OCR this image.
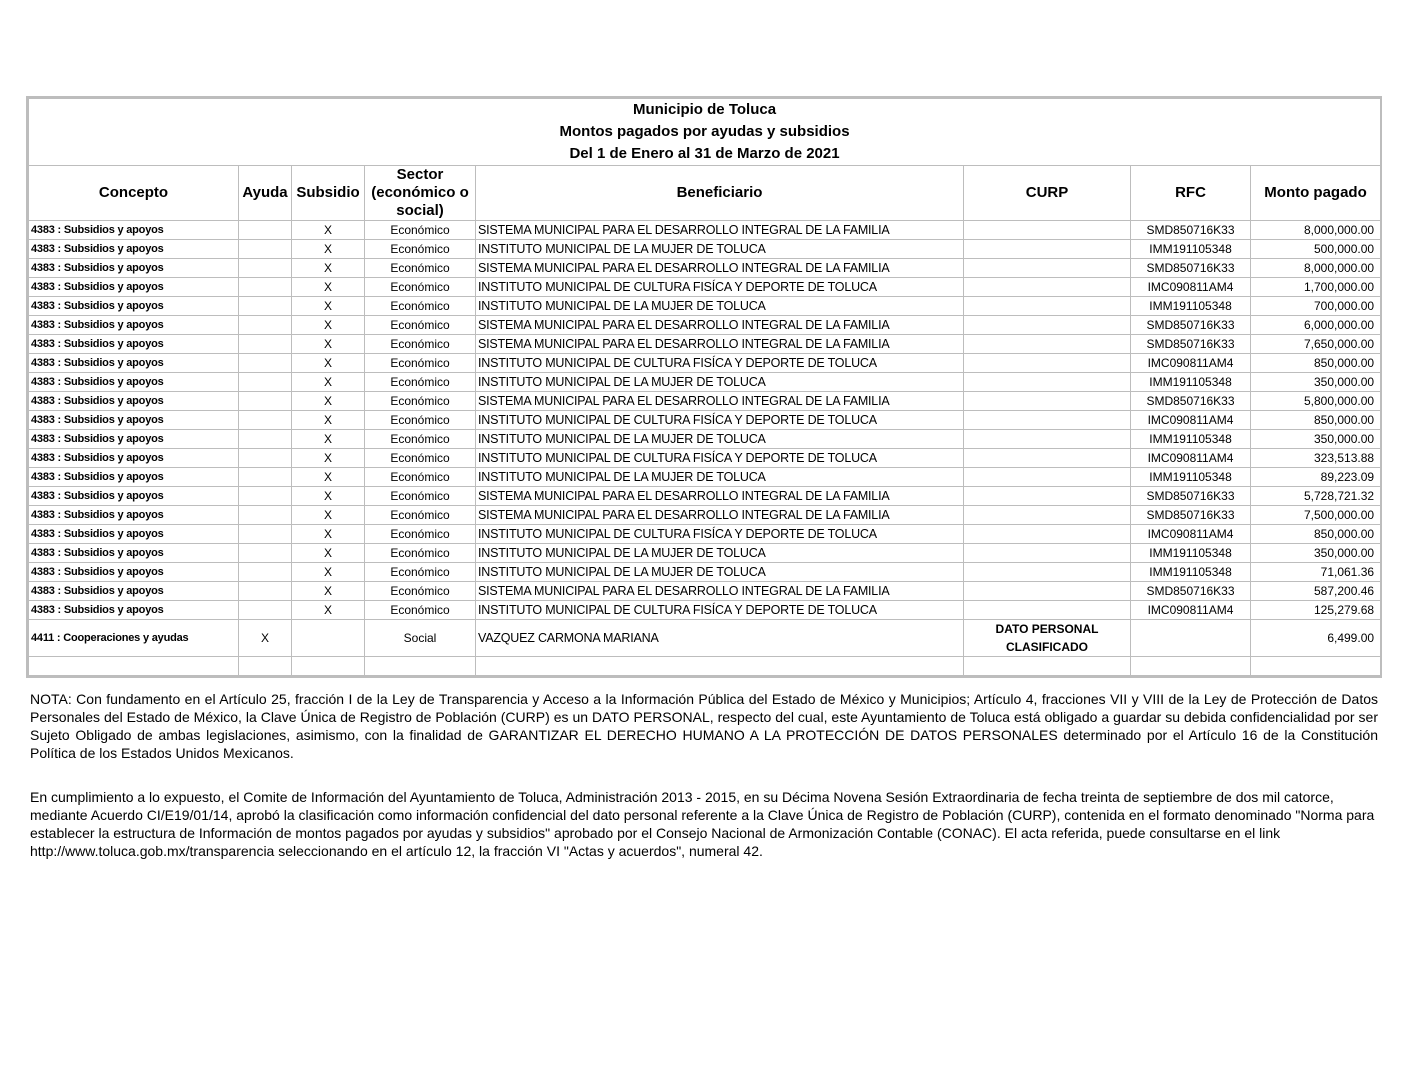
Municipio de Toluca
Montos pagados por ayudas y subsidios
Del 1 de Enero al 31 de Marzo de 2021							

Concepto	Ayuda	Subsidio	Sector (económico o social)	Beneficiario	CURP	RFC	Monto pagado
4383 : Subsidios y apoyos		X	Económico	SISTEMA MUNICIPAL PARA EL DESARROLLO INTEGRAL DE LA FAMILIA		SMD850716K33	8,000,000.00
4383 : Subsidios y apoyos		X	Económico	INSTITUTO MUNICIPAL DE LA MUJER DE TOLUCA		IMM191105348	500,000.00
4383 : Subsidios y apoyos		X	Económico	SISTEMA MUNICIPAL PARA EL DESARROLLO INTEGRAL DE LA FAMILIA		SMD850716K33	8,000,000.00
4383 : Subsidios y apoyos		X	Económico	INSTITUTO MUNICIPAL DE CULTURA FISÍCA Y DEPORTE DE TOLUCA		IMC090811AM4	1,700,000.00
4383 : Subsidios y apoyos		X	Económico	INSTITUTO MUNICIPAL DE LA MUJER DE TOLUCA		IMM191105348	700,000.00
4383 : Subsidios y apoyos		X	Económico	SISTEMA MUNICIPAL PARA EL DESARROLLO INTEGRAL DE LA FAMILIA		SMD850716K33	6,000,000.00
4383 : Subsidios y apoyos		X	Económico	SISTEMA MUNICIPAL PARA EL DESARROLLO INTEGRAL DE LA FAMILIA		SMD850716K33	7,650,000.00
4383 : Subsidios y apoyos		X	Económico	INSTITUTO MUNICIPAL DE CULTURA FISÍCA Y DEPORTE DE TOLUCA		IMC090811AM4	850,000.00
4383 : Subsidios y apoyos		X	Económico	INSTITUTO MUNICIPAL DE LA MUJER DE TOLUCA		IMM191105348	350,000.00
4383 : Subsidios y apoyos		X	Económico	SISTEMA MUNICIPAL PARA EL DESARROLLO INTEGRAL DE LA FAMILIA		SMD850716K33	5,800,000.00
4383 : Subsidios y apoyos		X	Económico	INSTITUTO MUNICIPAL DE CULTURA FISÍCA Y DEPORTE DE TOLUCA		IMC090811AM4	850,000.00
4383 : Subsidios y apoyos		X	Económico	INSTITUTO MUNICIPAL DE LA MUJER DE TOLUCA		IMM191105348	350,000.00
4383 : Subsidios y apoyos		X	Económico	INSTITUTO MUNICIPAL DE CULTURA FISÍCA Y DEPORTE DE TOLUCA		IMC090811AM4	323,513.88
4383 : Subsidios y apoyos		X	Económico	INSTITUTO MUNICIPAL DE LA MUJER DE TOLUCA		IMM191105348	89,223.09
4383 : Subsidios y apoyos		X	Económico	SISTEMA MUNICIPAL PARA EL DESARROLLO INTEGRAL DE LA FAMILIA		SMD850716K33	5,728,721.32
4383 : Subsidios y apoyos		X	Económico	SISTEMA MUNICIPAL PARA EL DESARROLLO INTEGRAL DE LA FAMILIA		SMD850716K33	7,500,000.00
4383 : Subsidios y apoyos		X	Económico	INSTITUTO MUNICIPAL DE CULTURA FISÍCA Y DEPORTE DE TOLUCA		IMC090811AM4	850,000.00
4383 : Subsidios y apoyos		X	Económico	INSTITUTO MUNICIPAL DE LA MUJER DE TOLUCA		IMM191105348	350,000.00
4383 : Subsidios y apoyos		X	Económico	INSTITUTO MUNICIPAL DE LA MUJER DE TOLUCA		IMM191105348	71,061.36
4383 : Subsidios y apoyos		X	Económico	SISTEMA MUNICIPAL PARA EL DESARROLLO INTEGRAL DE LA FAMILIA		SMD850716K33	587,200.46
4383 : Subsidios y apoyos		X	Económico	INSTITUTO MUNICIPAL DE CULTURA FISÍCA Y DEPORTE DE TOLUCA		IMC090811AM4	125,279.68
4411 : Cooperaciones y ayudas	X		Social	VAZQUEZ CARMONA MARIANA	DATO PERSONAL CLASIFICADO		6,499.00

NOTA: Con fundamento en el Artículo 25, fracción I de la Ley de Transparencia y Acceso a la Información Pública del Estado de México y Municipios; Artículo 4, fracciones VII y VIII de la Ley de Protección de Datos Personales del Estado de México, la Clave Única de Registro de Población (CURP) es un DATO PERSONAL, respecto del cual, este Ayuntamiento de Toluca está obligado a guardar su debida confidencialidad por ser Sujeto Obligado de ambas legislaciones, asimismo, con la finalidad de GARANTIZAR EL DERECHO HUMANO A LA PROTECCIÓN DE DATOS PERSONALES determinado por el Artículo 16 de la Constitución Política de los Estados Unidos Mexicanos.
En cumplimiento a lo expuesto, el Comite de Información del Ayuntamiento de Toluca, Administración 2013 - 2015, en su Décima Novena Sesión Extraordinaria de fecha treinta de septiembre de dos mil catorce, mediante Acuerdo CI/E19/01/14, aprobó la clasificación como información confidencial del dato personal referente a la Clave Única de Registro de Población (CURP), contenida en el formato denominado "Norma para establecer la estructura de Información de montos pagados por ayudas y subsidios" aprobado por el Consejo Nacional de Armonización Contable (CONAC). El acta referida, puede consultarse en el link http://www.toluca.gob.mx/transparencia seleccionando en el artículo 12, la fracción VI "Actas y acuerdos", numeral 42.
